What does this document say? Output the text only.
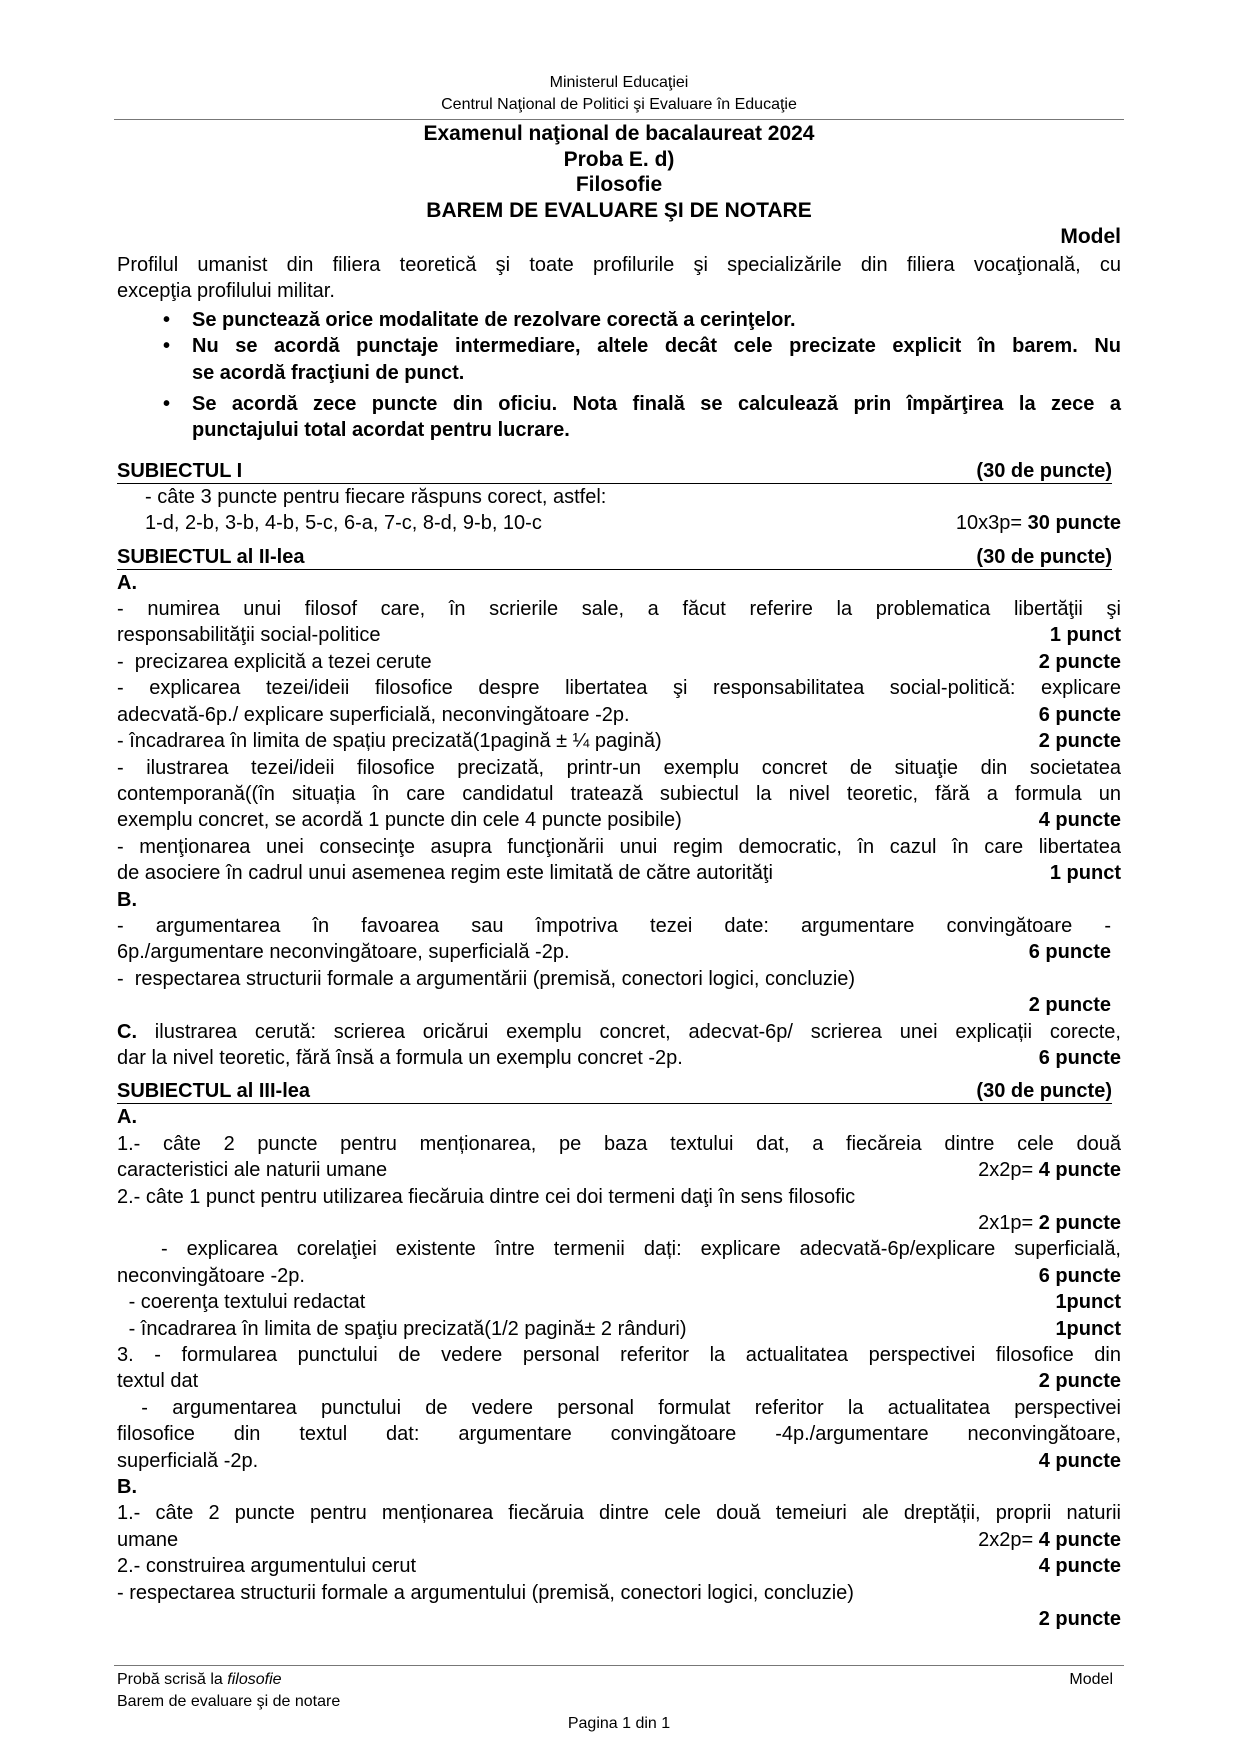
Ministerul Educaţiei
Centrul Naţional de Politici şi Evaluare în Educaţie
Examenul naţional de bacalaureat 2024
Proba E. d)
Filosofie
BAREM DE EVALUARE ŞI DE NOTARE
Model
Profilul umanist din filiera teoretică şi toate profilurile şi specializările din filiera vocaţională, cu
excepţia profilului militar.
•	Se punctează orice modalitate de rezolvare corectă a cerinţelor.
•	Nu se acordă punctaje intermediare, altele decât cele precizate explicit în barem. Nu
se acordă fracţiuni de punct.
•	Se acordă zece puncte din oficiu. Nota finală se calculează prin împărţirea la zece a
punctajului total acordat pentru lucrare.
SUBIECTUL I	(30 de puncte)
- câte 3 puncte pentru fiecare răspuns corect, astfel:
1-d, 2-b, 3-b, 4-b, 5-c, 6-a, 7-c, 8-d, 9-b, 10-c	10x3p= 30 puncte
SUBIECTUL al II-lea	(30 de puncte)
A.
- numirea unui filosof care, în scrierile sale, a făcut referire la problematica libertăţii şi
responsabilităţii social-politice	1 punct
-  precizarea explicită a tezei cerute	2 puncte
- explicarea tezei/ideii filosofice despre libertatea şi responsabilitatea social-politică: explicare
adecvată-6p./ explicare superficială, neconvingătoare -2p.	6 puncte
- încadrarea în limita de spațiu precizată(1pagină ± ¼ pagină)	2 puncte
- ilustrarea tezei/ideii filosofice precizată, printr-un exemplu concret de situaţie din societatea
contemporană((în situația în care candidatul tratează subiectul la nivel teoretic, fără a formula un
exemplu concret, se acordă 1 puncte din cele 4 puncte posibile)	4 puncte
- menţionarea unei consecinţe asupra funcţionării unui regim democratic, în cazul în care libertatea
de asociere în cadrul unui asemenea regim este limitată de către autorităţi	1 punct
B.
- argumentarea în favoarea sau împotriva tezei date: argumentare convingătoare -
6p./argumentare neconvingătoare, superficială -2p.	6 puncte
-  respectarea structurii formale a argumentării (premisă, conectori logici, concluzie)
2 puncte
C. ilustrarea cerută: scrierea oricărui exemplu concret, adecvat-6p/ scrierea unei explicații corecte,
dar la nivel teoretic, fără însă a formula un exemplu concret -2p.	6 puncte
SUBIECTUL al III-lea	(30 de puncte)
A.
1.- câte 2 puncte pentru menționarea, pe baza textului dat, a fiecăreia dintre cele două
caracteristici ale naturii umane	2x2p= 4 puncte
2.- câte 1 punct pentru utilizarea fiecăruia dintre cei doi termeni daţi în sens filosofic
2x1p= 2 puncte
- explicarea corelaţiei existente între termenii dați: explicare adecvată-6p/explicare superficială,
neconvingătoare -2p.	6 puncte
- coerenţa textului redactat	1punct
- încadrarea în limita de spaţiu precizată(1/2 pagină± 2 rânduri)	1punct
3. - formularea punctului de vedere personal referitor la actualitatea perspectivei filosofice din
textul dat	2 puncte
- argumentarea punctului de vedere personal formulat referitor la actualitatea perspectivei
filosofice din textul dat: argumentare convingătoare -4p./argumentare neconvingătoare,
superficială -2p.	4 puncte
B.
1.- câte 2 puncte pentru menționarea fiecăruia dintre cele două temeiuri ale dreptății, proprii naturii
umane	2x2p= 4 puncte
2.- construirea argumentului cerut	4 puncte
- respectarea structurii formale a argumentului (premisă, conectori logici, concluzie)
2 puncte
Probă scrisă la filosofie	Model
Barem de evaluare şi de notare
Pagina 1 din 1
